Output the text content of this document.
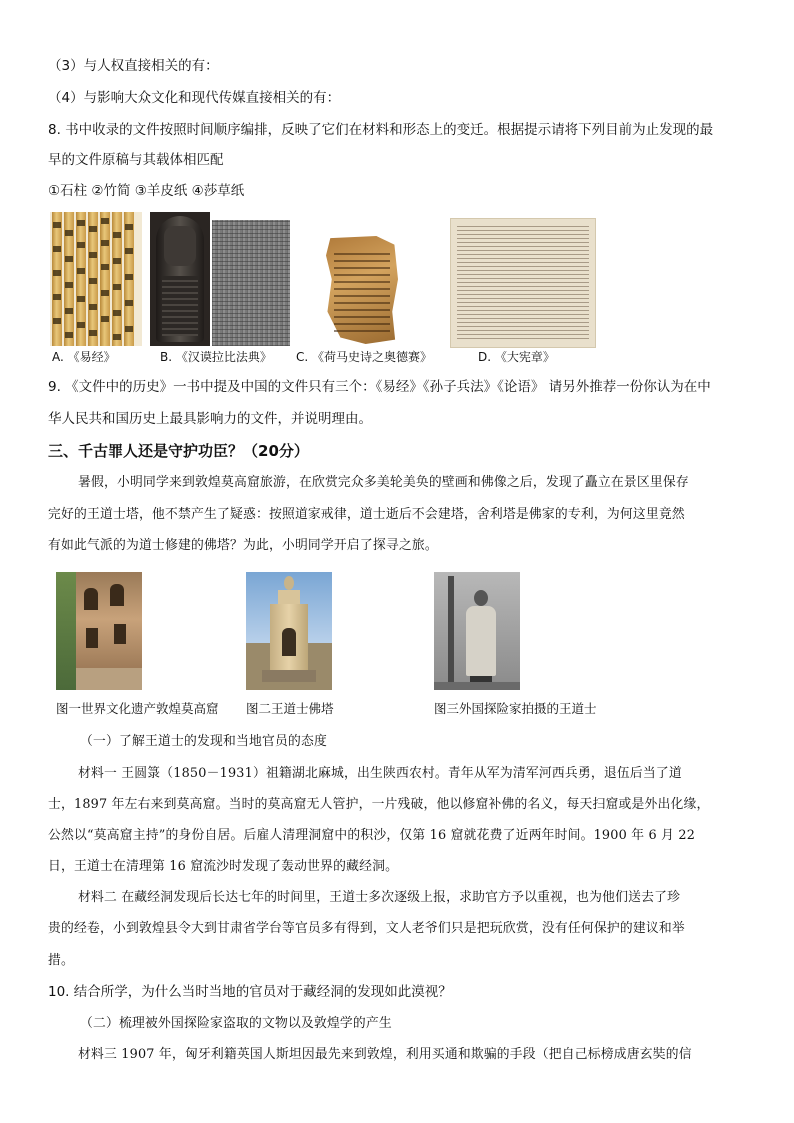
（3）与人权直接相关的有：
（4）与影响大众文化和现代传媒直接相关的有：
8. 书中收录的文件按照时间顺序编排，反映了它们在材料和形态上的变迁。根据提示请将下列目前为止发现的最
早的文件原稿与其载体相匹配
①石柱 ②竹简 ③羊皮纸 ④莎草纸
A. 《易经》	B. 《汉谟拉比法典》 C. 《荷马史诗之奥德赛》	D. 《大宪章》
9. 《文件中的历史》一书中提及中国的文件只有三个：《易经》《孙子兵法》《论语》 请另外推荐一份你认为在中
华人民共和国历史上最具影响力的文件，并说明理由。
三、千古罪人还是守护功臣？（20分）
暑假，小明同学来到敦煌莫高窟旅游，在欣赏完众多美轮美奂的壁画和佛像之后，发现了矗立在景区里保存
完好的王道士塔，他不禁产生了疑惑：按照道家戒律，道士逝后不会建塔，舍利塔是佛家的专利，为何这里竟然
有如此气派的为道士修建的佛塔？为此，小明同学开启了探寻之旅。
图一世界文化遗产敦煌莫高窟 图二王道士佛塔	图三外国探险家拍摄的王道士
（一）了解王道士的发现和当地官员的态度
材料一 王圆箓（1850－1931）祖籍湖北麻城，出生陕西农村。青年从军为清军河西兵勇，退伍后当了道
士，1897 年左右来到莫高窟。当时的莫高窟无人管护，一片残破，他以修窟补佛的名义，每天扫窟或是外出化缘，
公然以“莫高窟主持”的身份自居。后雇人清理洞窟中的积沙，仅第 16 窟就花费了近两年时间。1900 年 6 月 22
日，王道士在清理第 16 窟流沙时发现了轰动世界的藏经洞。
材料二 在藏经洞发现后长达七年的时间里，王道士多次逐级上报，求助官方予以重视，也为他们送去了珍
贵的经卷，小到敦煌县令大到甘肃省学台等官员多有得到，文人老爷们只是把玩欣赏，没有任何保护的建议和举
措。
10. 结合所学，为什么当时当地的官员对于藏经洞的发现如此漠视？
（二）梳理被外国探险家盗取的文物以及敦煌学的产生
材料三 1907 年，匈牙利籍英国人斯坦因最先来到敦煌，利用买通和欺骗的手段（把自己标榜成唐玄奘的信
